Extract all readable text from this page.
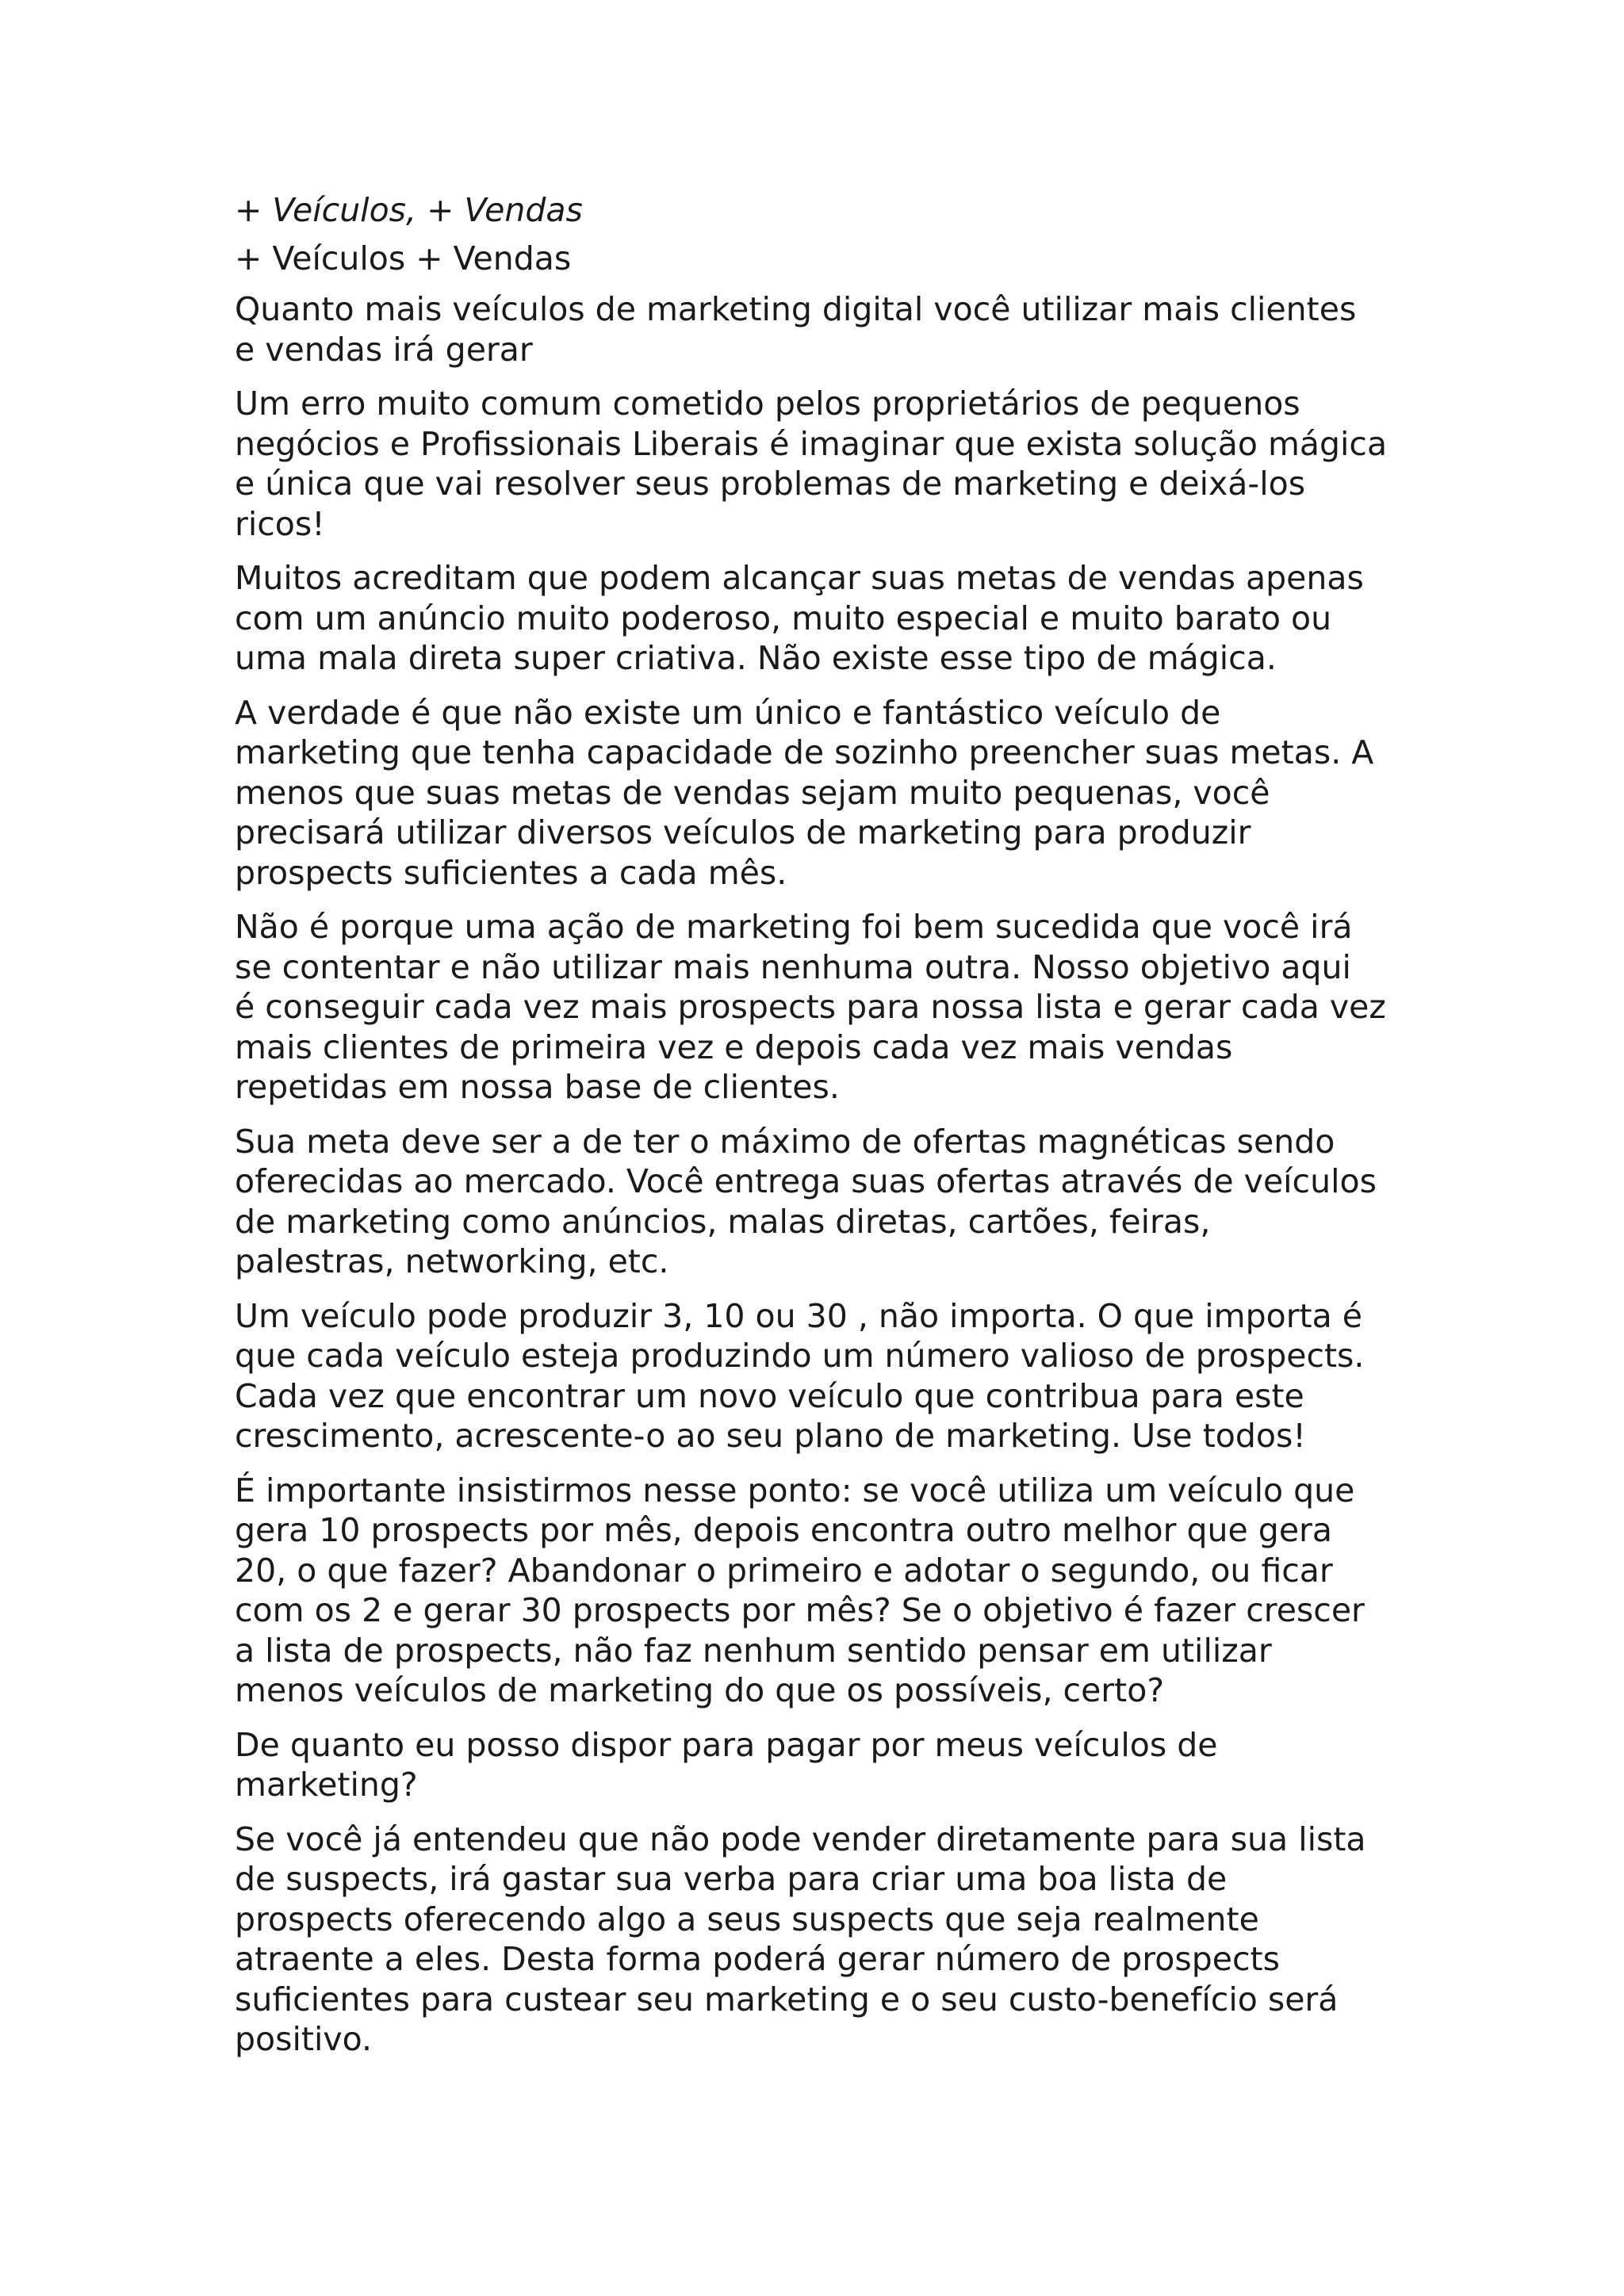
+ Veículos, + Vendas
+ Veículos + Vendas
Quanto mais veículos de marketing digital você utilizar mais clientes
e vendas irá gerar
Um erro muito comum cometido pelos proprietários de pequenos
negócios e Profissionais Liberais é imaginar que exista solução mágica
e única que vai resolver seus problemas de marketing e deixá-los
ricos!
Muitos acreditam que podem alcançar suas metas de vendas apenas
com um anúncio muito poderoso, muito especial e muito barato ou
uma mala direta super criativa. Não existe esse tipo de mágica.
A verdade é que não existe um único e fantástico veículo de
marketing que tenha capacidade de sozinho preencher suas metas. A
menos que suas metas de vendas sejam muito pequenas, você
precisará utilizar diversos veículos de marketing para produzir
prospects suficientes a cada mês.
Não é porque uma ação de marketing foi bem sucedida que você irá
se contentar e não utilizar mais nenhuma outra. Nosso objetivo aqui
é conseguir cada vez mais prospects para nossa lista e gerar cada vez
mais clientes de primeira vez e depois cada vez mais vendas
repetidas em nossa base de clientes.
Sua meta deve ser a de ter o máximo de ofertas magnéticas sendo
oferecidas ao mercado. Você entrega suas ofertas através de veículos
de marketing como anúncios, malas diretas, cartões, feiras,
palestras, networking, etc.
Um veículo pode produzir 3, 10 ou 30 , não importa. O que importa é
que cada veículo esteja produzindo um número valioso de prospects.
Cada vez que encontrar um novo veículo que contribua para este
crescimento, acrescente-o ao seu plano de marketing. Use todos!
É importante insistirmos nesse ponto: se você utiliza um veículo que
gera 10 prospects por mês, depois encontra outro melhor que gera
20, o que fazer? Abandonar o primeiro e adotar o segundo, ou ficar
com os 2 e gerar 30 prospects por mês? Se o objetivo é fazer crescer
a lista de prospects, não faz nenhum sentido pensar em utilizar
menos veículos de marketing do que os possíveis, certo?
De quanto eu posso dispor para pagar por meus veículos de
marketing?
Se você já entendeu que não pode vender diretamente para sua lista
de suspects, irá gastar sua verba para criar uma boa lista de
prospects oferecendo algo a seus suspects que seja realmente
atraente a eles. Desta forma poderá gerar número de prospects
suficientes para custear seu marketing e o seu custo-benefício será
positivo.
